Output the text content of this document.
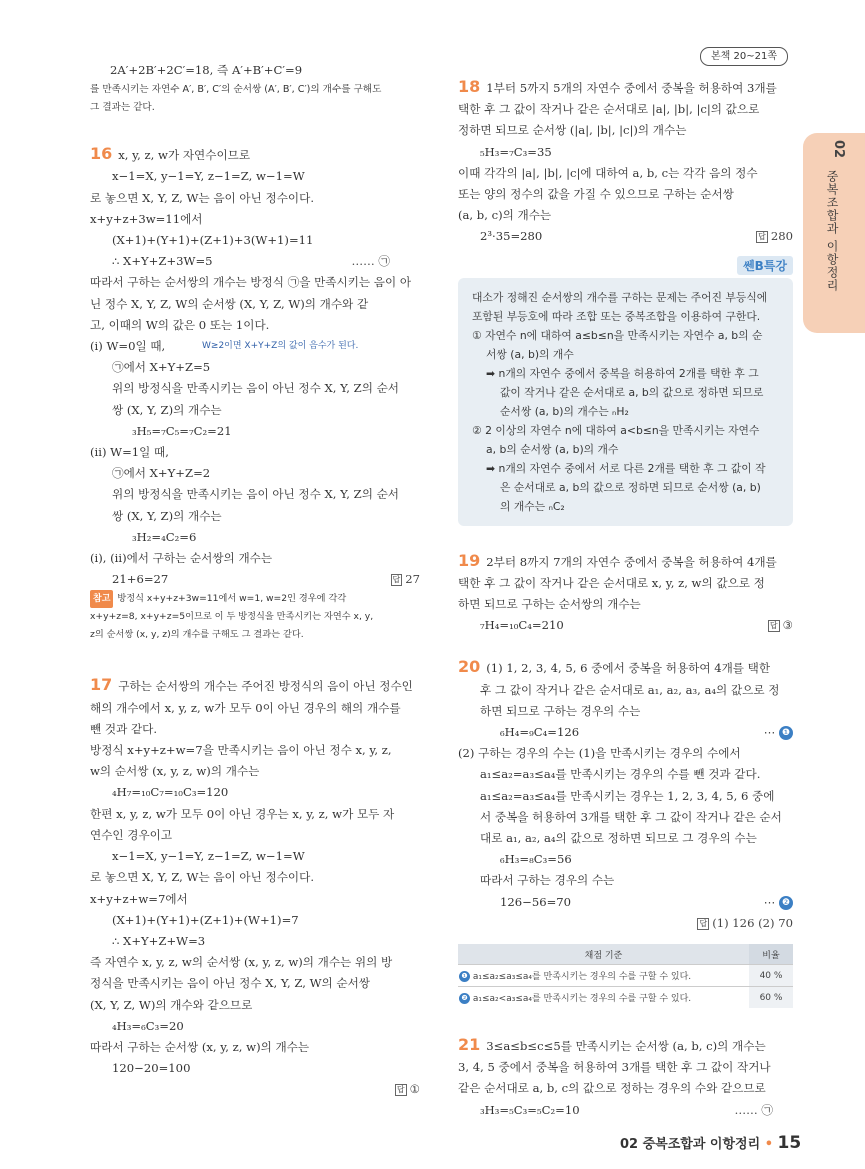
본책 20~21쪽
02
중복조합과 이항정리
2A′+2B′+2C′=18, 즉 A′+B′+C′=9
를 만족시키는 자연수 A′, B′, C′의 순서쌍 (A′, B′, C′)의 개수를 구해도
그 결과는 같다.
16 x, y, z, w가 자연수이므로
x−1=X, y−1=Y, z−1=Z, w−1=W
로 놓으면 X, Y, Z, W는 음이 아닌 정수이다.
x+y+z+3w=11에서
(X+1)+(Y+1)+(Z+1)+3(W+1)=11
∴ X+Y+Z+3W=5	…… ㉠
따라서 구하는 순서쌍의 개수는 방정식 ㉠을 만족시키는 음이 아
닌 정수 X, Y, Z, W의 순서쌍 (X, Y, Z, W)의 개수와 같
고, 이때의 W의 값은 0 또는 1이다.
(i) W=0일 때,	W≥2이면 X+Y+Z의 값이 음수가 된다.
㉠에서 X+Y+Z=5
위의 방정식을 만족시키는 음이 아닌 정수 X, Y, Z의 순서
쌍 (X, Y, Z)의 개수는
₃H₅=₇C₅=₇C₂=21
(ii) W=1일 때,
㉠에서 X+Y+Z=2
위의 방정식을 만족시키는 음이 아닌 정수 X, Y, Z의 순서
쌍 (X, Y, Z)의 개수는
₃H₂=₄C₂=6
(i), (ii)에서 구하는 순서쌍의 개수는
21+6=27	답 27
참고 방정식 x+y+z+3w=11에서 w=1, w=2인 경우에 각각
x+y+z=8, x+y+z=5이므로 이 두 방정식을 만족시키는 자연수 x, y,
z의 순서쌍 (x, y, z)의 개수를 구해도 그 결과는 같다.
17 구하는 순서쌍의 개수는 주어진 방정식의 음이 아닌 정수인
해의 개수에서 x, y, z, w가 모두 0이 아닌 경우의 해의 개수를
뺀 것과 같다.
방정식 x+y+z+w=7을 만족시키는 음이 아닌 정수 x, y, z,
w의 순서쌍 (x, y, z, w)의 개수는
₄H₇=₁₀C₇=₁₀C₃=120
한편 x, y, z, w가 모두 0이 아닌 경우는 x, y, z, w가 모두 자
연수인 경우이고
x−1=X, y−1=Y, z−1=Z, w−1=W
로 놓으면 X, Y, Z, W는 음이 아닌 정수이다.
x+y+z+w=7에서
(X+1)+(Y+1)+(Z+1)+(W+1)=7
∴ X+Y+Z+W=3
즉 자연수 x, y, z, w의 순서쌍 (x, y, z, w)의 개수는 위의 방
정식을 만족시키는 음이 아닌 정수 X, Y, Z, W의 순서쌍
(X, Y, Z, W)의 개수와 같으므로
₄H₃=₆C₃=20
따라서 구하는 순서쌍 (x, y, z, w)의 개수는
120−20=100
답 ①

18 1부터 5까지 5개의 자연수 중에서 중복을 허용하여 3개를
택한 후 그 값이 작거나 같은 순서대로 |a|, |b|, |c|의 값으로
정하면 되므로 순서쌍 (|a|, |b|, |c|)의 개수는
₅H₃=₇C₃=35
이때 각각의 |a|, |b|, |c|에 대하여 a, b, c는 각각 음의 정수
또는 양의 정수의 값을 가질 수 있으므로 구하는 순서쌍
(a, b, c)의 개수는
2³·35=280	답 280
쎈B특강
대소가 정해진 순서쌍의 개수를 구하는 문제는 주어진 부등식에
포함된 부등호에 따라 조합 또는 중복조합을 이용하여 구한다.
① 자연수 n에 대하여 a≤b≤n을 만족시키는 자연수 a, b의 순
서쌍 (a, b)의 개수
➡ n개의 자연수 중에서 중복을 허용하여 2개를 택한 후 그
값이 작거나 같은 순서대로 a, b의 값으로 정하면 되므로
순서쌍 (a, b)의 개수는 ₙH₂
② 2 이상의 자연수 n에 대하여 a<b≤n을 만족시키는 자연수
a, b의 순서쌍 (a, b)의 개수
➡ n개의 자연수 중에서 서로 다른 2개를 택한 후 그 값이 작
은 순서대로 a, b의 값으로 정하면 되므로 순서쌍 (a, b)
의 개수는 ₙC₂
19 2부터 8까지 7개의 자연수 중에서 중복을 허용하여 4개를
택한 후 그 값이 작거나 같은 순서대로 x, y, z, w의 값으로 정
하면 되므로 구하는 순서쌍의 개수는
₇H₄=₁₀C₄=210	답 ③
20 (1) 1, 2, 3, 4, 5, 6 중에서 중복을 허용하여 4개를 택한
후 그 값이 작거나 같은 순서대로 a₁, a₂, a₃, a₄의 값으로 정
하면 되므로 구하는 경우의 수는
₆H₄=₉C₄=126	⋯ ❶
(2) 구하는 경우의 수는 (1)을 만족시키는 경우의 수에서
a₁≤a₂=a₃≤a₄를 만족시키는 경우의 수를 뺀 것과 같다.
a₁≤a₂=a₃≤a₄를 만족시키는 경우는 1, 2, 3, 4, 5, 6 중에
서 중복을 허용하여 3개를 택한 후 그 값이 작거나 같은 순서
대로 a₁, a₂, a₄의 값으로 정하면 되므로 그 경우의 수는
₆H₃=₈C₃=56
따라서 구하는 경우의 수는
126−56=70	⋯ ❷
답 (1) 126 (2) 70

채점 기준	비율
❶ a₁≤a₂≤a₃≤a₄를 만족시키는 경우의 수를 구할 수 있다.	40 %
❷ a₁≤a₂<a₃≤a₄를 만족시키는 경우의 수를 구할 수 있다.	60 %
21 3≤a≤b≤c≤5를 만족시키는 순서쌍 (a, b, c)의 개수는
3, 4, 5 중에서 중복을 허용하여 3개를 택한 후 그 값이 작거나
같은 순서대로 a, b, c의 값으로 정하는 경우의 수와 같으므로
₃H₃=₅C₃=₅C₂=10	…… ㉠
02 중복조합과 이항정리 • 15
